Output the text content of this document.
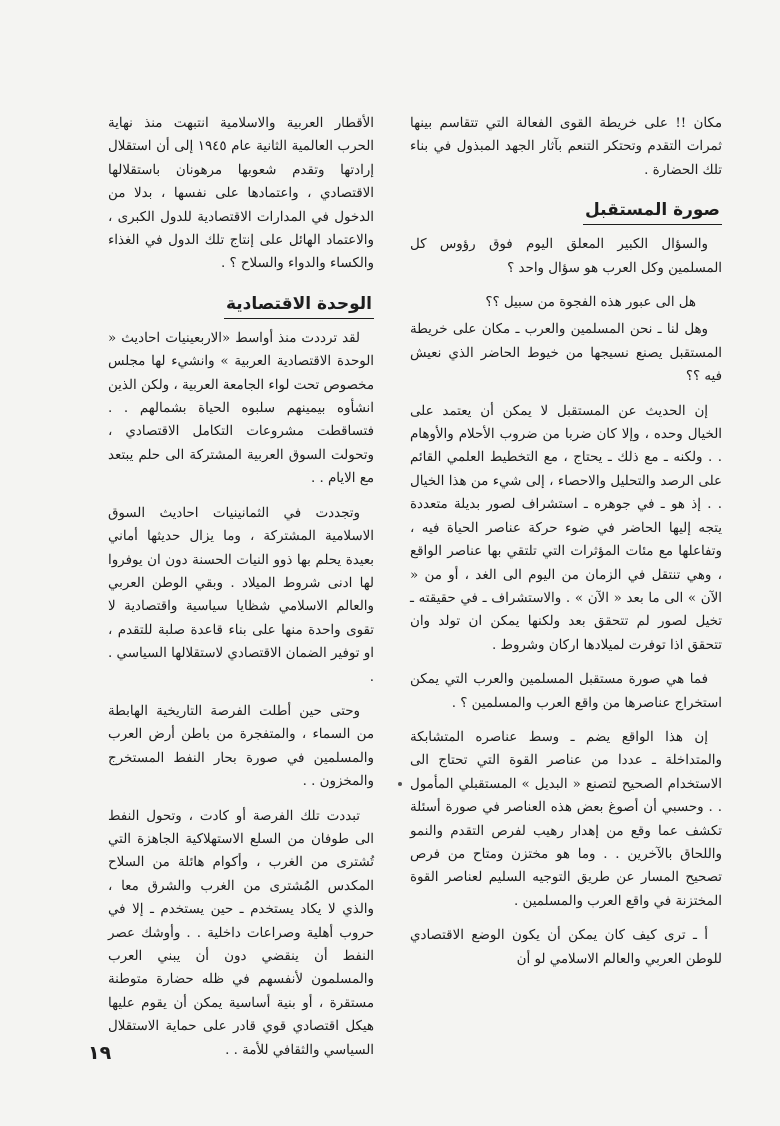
مكان !! على خريطة القوى الفعالة التي تتقاسم بينها ثمرات التقدم وتحتكر التنعم بآثار الجهد المبذول في بناء تلك الحضارة .

صورة المستقبل

والسؤال الكبير المعلق اليوم فوق رؤوس كل المسلمين وكل العرب هو سؤال واحد ؟

هل الى عبور هذه الفجوة من سبيل ؟؟

وهل لنا ـ نحن المسلمين والعرب ـ مكان على خريطة المستقبل يصنع نسيجها من خيوط الحاضر الذي نعيش فيه ؟؟

إن الحديث عن المستقبل لا يمكن أن يعتمد على الخيال وحده ، وإلا كان ضربا من ضروب الأحلام والأوهام . . ولكنه ـ مع ذلك ـ يحتاج ، مع التخطيط العلمي القائم على الرصد والتحليل والاحصاء ، إلى شيء من هذا الخيال . . إذ هو ـ في جوهره ـ استشراف لصور بديلة متعددة يتجه إليها الحاضر في ضوء حركة عناصر الحياة فيه ، وتفاعلها مع مئات المؤثرات التي تلتقي بها عناصر الواقع ، وهي تنتقل في الزمان من اليوم الى الغد ، أو من « الآن » الى ما بعد « الآن » . والاستشراف ـ في حقيقته ـ تخيل لصور لم تتحقق بعد ولكنها يمكن ان تولد وان تتحقق اذا توفرت لميلادها اركان وشروط .

فما هي صورة مستقبل المسلمين والعرب التي يمكن استخراج عناصرها من واقع العرب والمسلمين ؟ .

إن هذا الواقع يضم ـ وسط عناصره المتشابكة والمتداخلة ـ عددا من عناصر القوة التي تحتاج الى الاستخدام الصحيح لتصنع « البديل » المستقبلي المأمول . . وحسبي أن أصوغ بعض هذه العناصر في صورة أسئلة تكشف عما وقع من إهدار رهيب لفرص التقدم والنمو واللحاق بالآخرين . . وما هو مختزن ومتاح من فرص تصحيح المسار عن طريق التوجيه السليم لعناصر القوة المختزنة في واقع العرب والمسلمين .

أ ـ ترى كيف كان يمكن أن يكون الوضع الاقتصادي للوطن العربي والعالم الاسلامي لو أن

الأقطار العربية والاسلامية انتبهت منذ نهاية الحرب العالمية الثانية عام ١٩٤٥ إلى أن استقلال إرادتها وتقدم شعوبها مرهونان باستقلالها الاقتصادي ، واعتمادها على نفسها ، بدلا من الدخول في المدارات الاقتصادية للدول الكبرى ، والاعتماد الهائل على إنتاج تلك الدول في الغذاء والكساء والدواء والسلاح ؟ .

الوحدة الاقتصادية

لقد ترددت منذ أواسط «الاربعينيات احاديث « الوحدة الاقتصادية العربية » وانشيء لها مجلس مخصوص تحت لواء الجامعة العربية ، ولكن الذين انشأوه بيمينهم سلبوه الحياة بشمالهم . . فتساقطت مشروعات التكامل الاقتصادي ، وتحولت السوق العربية المشتركة الى حلم يبتعد مع الايام . .

وتجددت في الثمانينيات احاديث السوق الاسلامية المشتركة ، وما يزال حديثها أماني بعيدة يحلم بها ذوو النيات الحسنة دون ان يوفروا لها ادنى شروط الميلاد . وبقي الوطن العربي والعالم الاسلامي شظايا سياسية واقتصادية لا تقوى واحدة منها على بناء قاعدة صلبة للتقدم ، او توفير الضمان الاقتصادي لاستقلالها السياسي . .

وحتى حين أطلت الفرصة التاريخية الهابطة من السماء ، والمتفجرة من باطن أرض العرب والمسلمين في صورة بحار النفط المستخرج والمخزون . .

تبددت تلك الفرصة أو كادت ، وتحول النفط الى طوفان من السلع الاستهلاكية الجاهزة التي تُشترى من الغرب ، وأكوام هائلة من السلاح المكدس المُشترى من الغرب والشرق معا ، والذي لا يكاد يستخدم ـ حين يستخدم ـ إلا في حروب أهلية وصراعات داخلية . . وأوشك عصر النفط أن ينقضي دون أن يبني العرب والمسلمون لأنفسهم في ظله حضارة متوطنة مستقرة ، أو بنية أساسية يمكن أن يقوم عليها هيكل اقتصادي قوي قادر على حماية الاستقلال السياسي والثقافي للأمة . .

١٩
